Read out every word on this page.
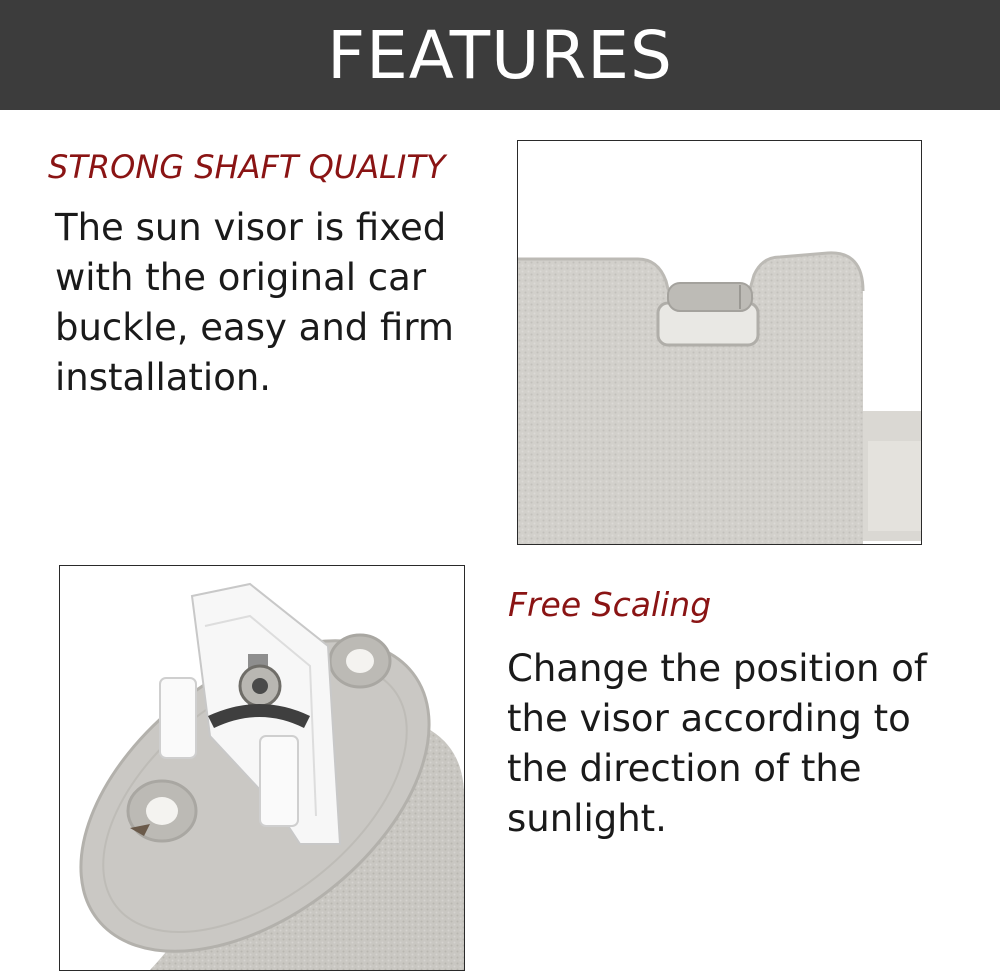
FEATURES
STRONG SHAFT QUALITY

The sun visor is fixed with the original car buckle, easy and firm installation.

Free Scaling

Change the position of the visor according to the direction of the sunlight.
